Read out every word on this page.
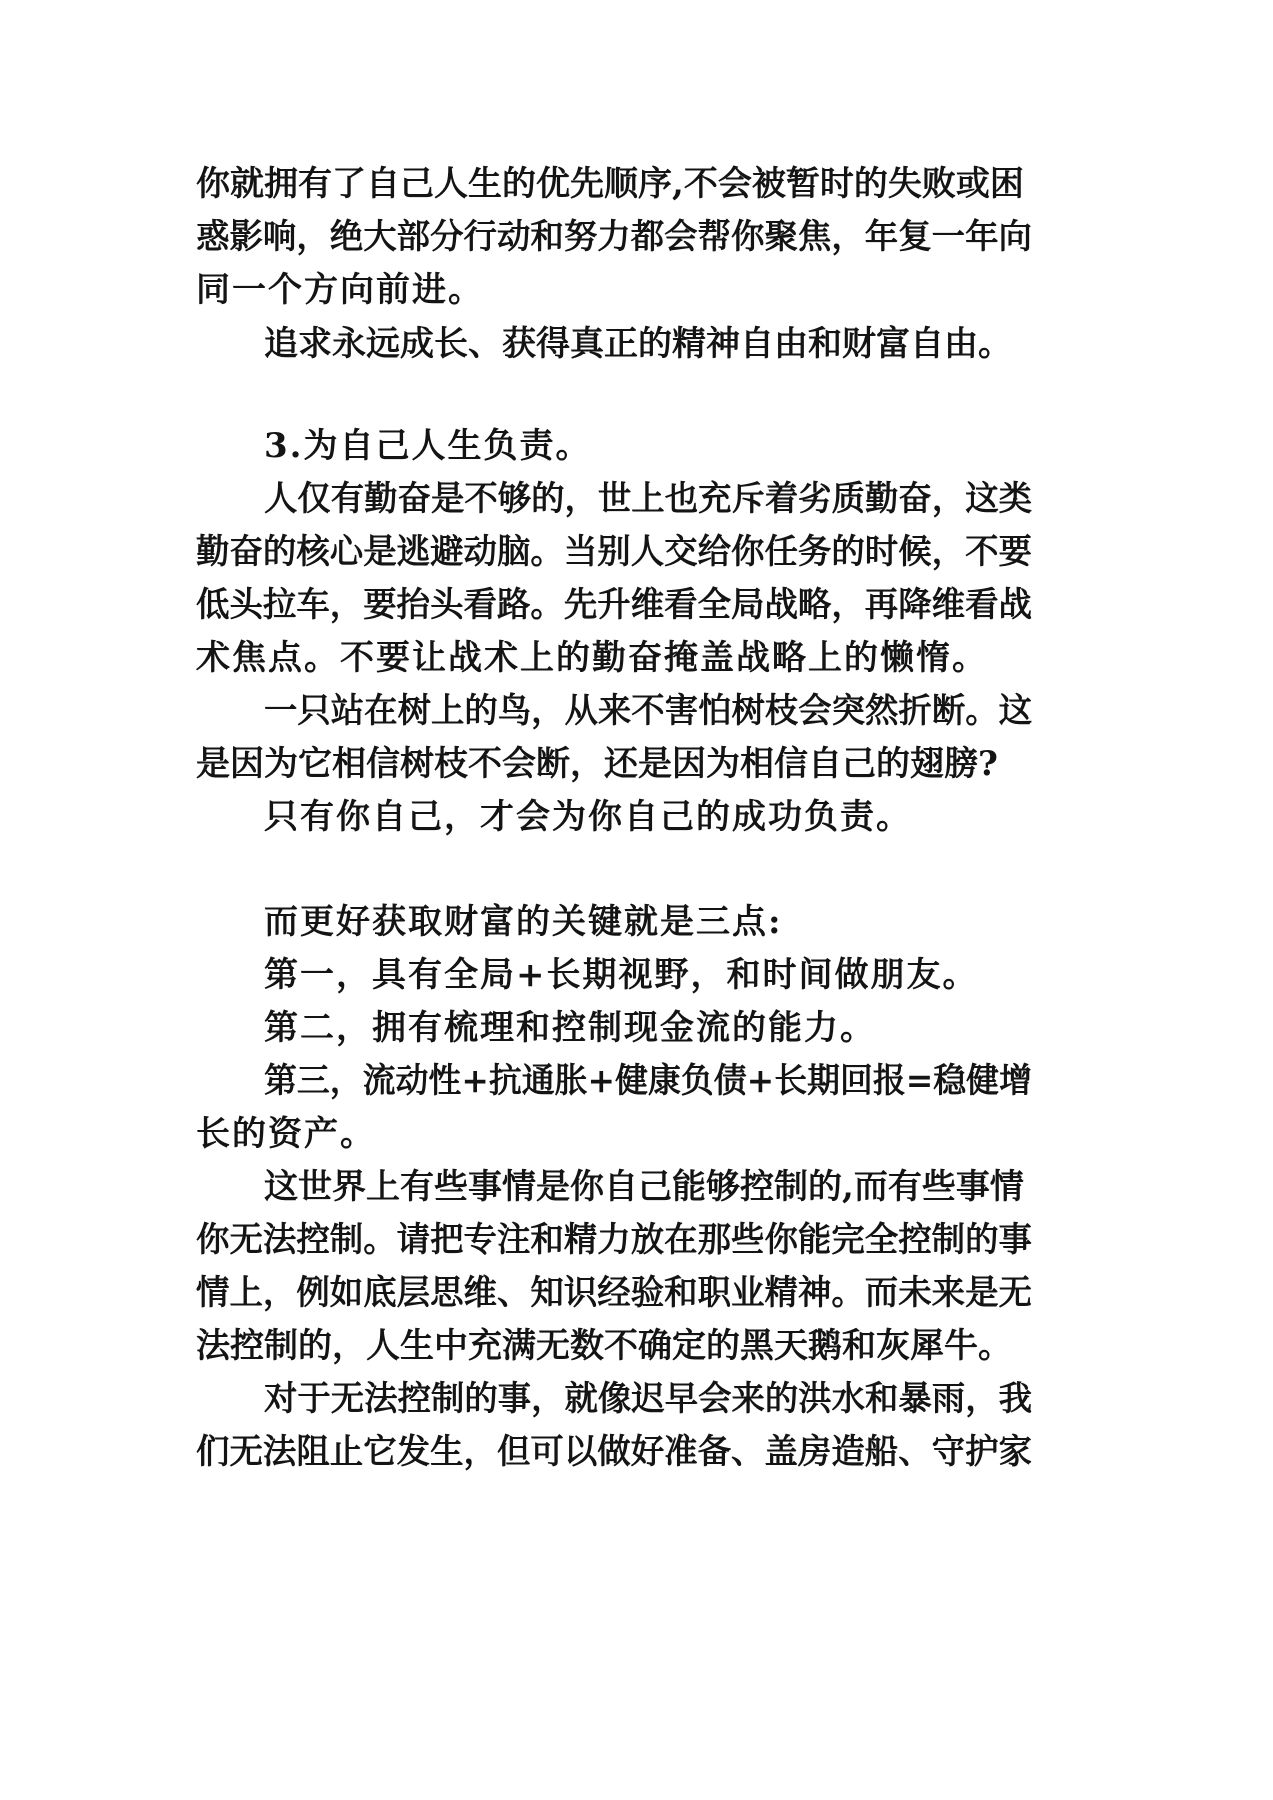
你就拥有了自己人生的优先顺序,不会被暂时的失败或困
惑影响，绝大部分行动和努力都会帮你聚焦，年复一年向
同一个方向前进。
追求永远成长、获得真正的精神自由和财富自由。
3.为自己人生负责。
人仅有勤奋是不够的，世上也充斥着劣质勤奋，这类
勤奋的核心是逃避动脑。当别人交给你任务的时候，不要
低头拉车，要抬头看路。先升维看全局战略，再降维看战
术焦点。不要让战术上的勤奋掩盖战略上的懒惰。
一只站在树上的鸟，从来不害怕树枝会突然折断。这
是因为它相信树枝不会断，还是因为相信自己的翅膀?
只有你自己，才会为你自己的成功负责。
而更好获取财富的关键就是三点:
第一，具有全局+长期视野，和时间做朋友。
第二，拥有梳理和控制现金流的能力。
第三，流动性+抗通胀+健康负债+长期回报=稳健增
长的资产。
这世界上有些事情是你自己能够控制的,而有些事情
你无法控制。请把专注和精力放在那些你能完全控制的事
情上，例如底层思维、知识经验和职业精神。而未来是无
法控制的，人生中充满无数不确定的黑天鹅和灰犀牛。
对于无法控制的事，就像迟早会来的洪水和暴雨，我
们无法阻止它发生，但可以做好准备、盖房造船、守护家
